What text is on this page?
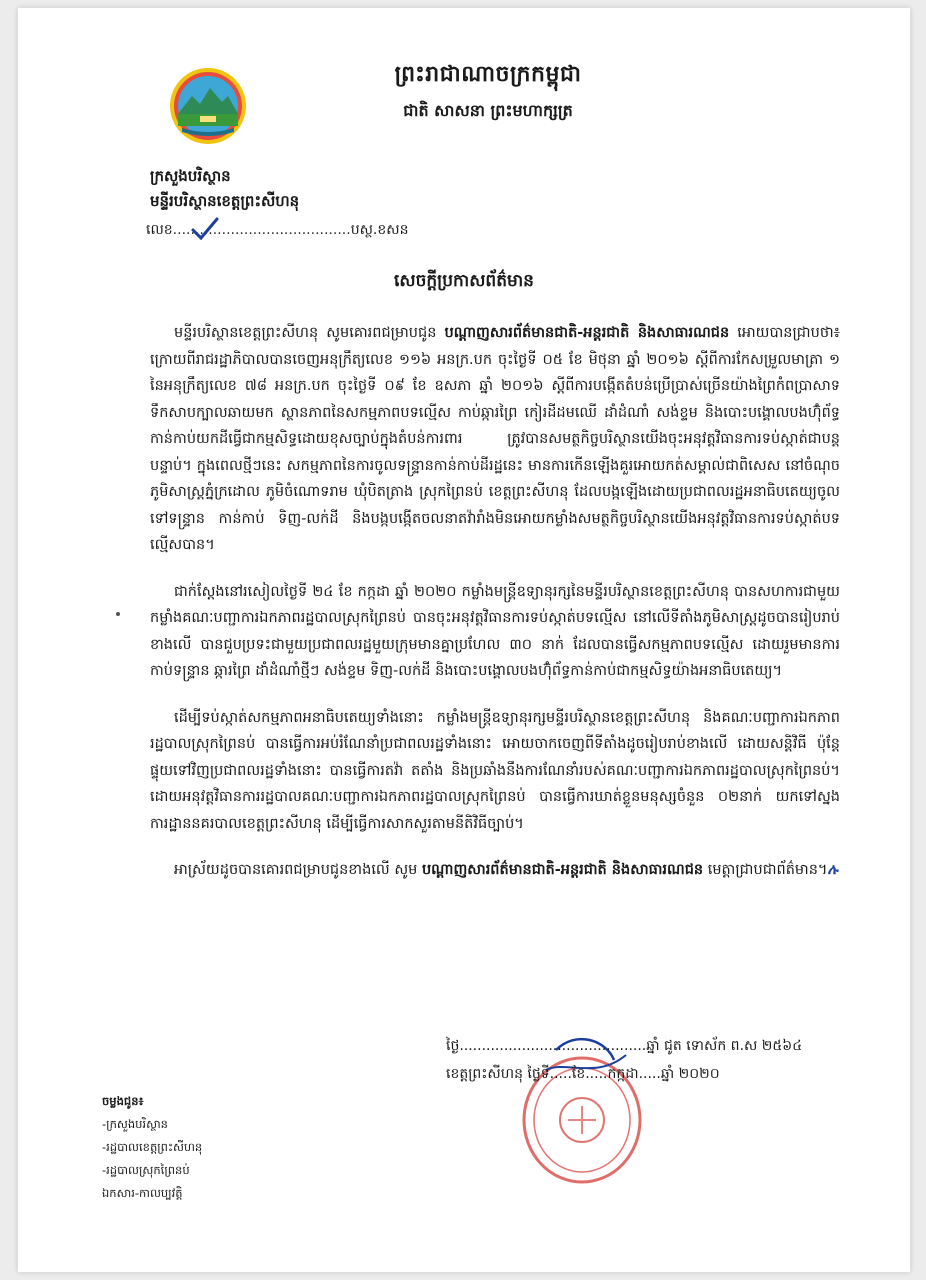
ព្រះរាជាណាចក្រកម្ពុជា
ជាតិ សាសនា ព្រះមហាក្សត្រ
ក្រសួងបរិស្ថាន
មន្ទីរបរិស្ថានខេត្តព្រះសីហនុ
លេខ........................................បស្ថ.ខសន
សេចក្ដីប្រកាសព័ត៌មាន

មន្ទីរបរិស្ថានខេត្តព្រះសីហនុ សូមគោរពជម្រាបជូន បណ្ដាញសារព័ត៌មានជាតិ-អន្តរជាតិ និងសាធារណជន អោយបានជ្រាបថា៖ ក្រោយពីរាជរដ្ឋាភិបាលបានចេញអនុក្រឹត្យលេខ ១១៦ អនក្រ.បក ចុះថ្ងៃទី ០៥ ខែ មិថុនា ឆ្នាំ ២០១៦ ស្ដីពីការកែសម្រួលមាត្រា ១ នៃអនុក្រឹត្យលេខ ៧៨ អនក្រ.បក ចុះថ្ងៃទី ០៩ ខែ ឧសភា ឆ្នាំ ២០១៦ ស្ដីពីការបង្កើតតំបន់ប្រើប្រាស់ច្រើនយ៉ាងព្រៃកំពប្រាសាទទឹកសាបក្បាលឆាយមក ស្ថានភាពនៃសកម្មភាពបទល្មើស កាប់ឆ្ការព្រៃ កៀរដីដមឈើ ដាំដំណាំ សង់ខ្ទម និងបោះបង្គោលបងហ៊ុំព័ទ្ធកាន់កាប់យកដីធ្វើជាកម្មសិទ្ធដោយខុសច្បាប់ក្នុងតំបន់ការពារ ត្រូវបានសមត្ថកិច្ចបរិស្ថានយើងចុះអនុវត្តវិធានការទប់ស្កាត់ជាបន្តបន្ទាប់។ ក្នុងពេលថ្មីៗនេះ សកម្មភាពនៃការចូលទន្រ្ទានកាន់កាប់ដីរដ្ឋនេះ មានការកើនឡើងគួរអោយកត់សម្គាល់ជាពិសេស នៅចំណុចភូមិសាស្ត្រភ្នំក្រដោល ភូមិចំណោទរាម ឃុំបិតត្រាង ស្រុកព្រៃនប់ ខេត្តព្រះសីហនុ ដែលបង្កឡើងដោយប្រជាពលរដ្ឋអនាធិបតេយ្យចូលទៅទន្រ្ទាន កាន់កាប់ ទិញ-លក់ដី និងបង្កបង្កើតចលនាតវ៉ារាំងមិនអោយកម្លាំងសមត្ថកិច្ចបរិស្ថានយើងអនុវត្តវិធានការទប់ស្កាត់បទល្មើសបាន។

ជាក់ស្ដែងនៅរសៀលថ្ងៃទី ២៤ ខែ កក្កដា ឆ្នាំ ២០២០ កម្លាំងមន្ត្រីឧទ្យានុរក្សនៃមន្ទីរបរិស្ថានខេត្តព្រះសីហនុ បានសហការជាមួយកម្លាំងគណៈបញ្ជាការឯកភាពរដ្ឋបាលស្រុកព្រៃនប់ បានចុះអនុវត្តវិធានការទប់ស្កាត់បទល្មើស នៅលើទីតាំងភូមិសាស្ត្រដូចបានរៀបរាប់ខាងលើ បានជួបប្រទះជាមួយប្រជាពលរដ្ឋមួយក្រុមមានគ្នាប្រហែល ៣០ នាក់ ដែលបានធ្វើសកម្មភាពបទល្មើស ដោយរួមមានការកាប់ទន្រ្ទាន ឆ្ការព្រៃ ដាំដំណាំថ្មីៗ សង់ខ្ទម ទិញ-លក់ដី និងបោះបង្គោលបងហ៊ុំព័ទ្ធកាន់កាប់ជាកម្មសិទ្ធយ៉ាងអនាធិបតេយ្យ។

ដើម្បីទប់ស្កាត់សកម្មភាពអនាធិបតេយ្យទាំងនោះ កម្លាំងមន្ត្រីឧទ្យានុរក្សមន្ទីរបរិស្ថានខេត្តព្រះសីហនុ និងគណៈបញ្ជាការឯកភាពរដ្ឋបាលស្រុកព្រៃនប់ បានធ្វើការអប់រំណែនាំប្រជាពលរដ្ឋទាំងនោះ អោយចាកចេញពីទីតាំងដូចរៀបរាប់ខាងលើ ដោយសន្តិវិធី ប៉ុន្តែផ្ទុយទៅវិញប្រជាពលរដ្ឋទាំងនោះ បានធ្វើការតវ៉ា តតាំង និងប្រឆាំងនឹងការណែនាំរបស់គណៈបញ្ជាការឯកភាពរដ្ឋបាលស្រុកព្រៃនប់។ ដោយអនុវត្តវិធានការរដ្ឋបាលគណៈបញ្ជាការឯកភាពរដ្ឋបាលស្រុកព្រៃនប់ បានធ្វើការឃាត់ខ្លួនមនុស្សចំនួន ០២នាក់ យកទៅស្នងការដ្ឋាននគរបាលខេត្តព្រះសីហនុ ដើម្បីធ្វើការសាកសួរតាមនីតិវិធីច្បាប់។

អាស្រ័យដូចបានគោរពជម្រាបជូនខាងលើ សូម បណ្ដាញសារព័ត៌មានជាតិ-អន្តរជាតិ និងសាធារណជន មេត្តាជ្រាបជាព័ត៌មាន។ሉ

ថ្ងៃ..........................................ឆ្នាំ ជូត ទោស័ក ព.ស ២៥៦៤
ខេត្តព្រះសីហនុ ថ្ងៃទី.....ខែ.....កក្កដា.....ឆ្នាំ ២០២០
ចម្លងជូន៖
-ក្រសួងបរិស្ថាន
-រដ្ឋបាលខេត្តព្រះសីហនុ
-រដ្ឋបាលស្រុកព្រៃនប់
ឯកសារ-កាលប្បវត្តិ
